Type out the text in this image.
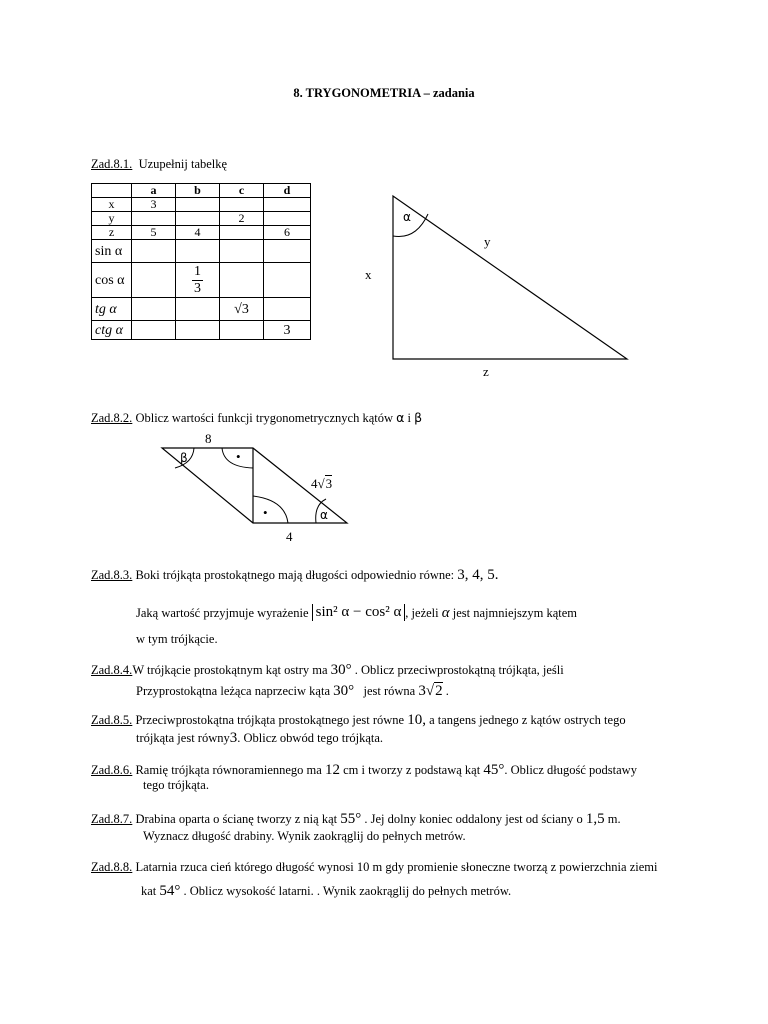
8. TRYGONOMETRIA – zadania
Zad.8.1. Uzupełnij tabelkę
	a	b	c	d
x	3			
y			2	
z	5	4		6
sin α				
cos α		$\frac{1}{3}$

tg α			√3	
ctg α				3
α
y
x
z
Zad.8.2. Oblicz wartości funkcji trygonometrycznych kątów α i β
8
β	•
4√3
•	α
4
Zad.8.3. Boki trójkąta prostokątnego mają długości odpowiednio równe: 3, 4, 5.
Jaką wartość przyjmuje wyrażenie sin² α − cos² α , jeżeli α jest najmniejszym kątem
w tym trójkącie.
Zad.8.4.W trójkącie prostokątnym kąt ostry ma 30° . Oblicz przeciwprostokątną trójkąta, jeśli
Przyprostokątna leżąca naprzeciw kąta 30° jest równa 3√2 .
Zad.8.5. Przeciwprostokątna trójkąta prostokątnego jest równe 10, a tangens jednego z kątów ostrych tego
trójkąta jest równy3. Oblicz obwód tego trójkąta.
Zad.8.6. Ramię trójkąta równoramiennego ma 12 cm i tworzy z podstawą kąt 45°. Oblicz długość podstawy
tego trójkąta.
Zad.8.7. Drabina oparta o ścianę tworzy z nią kąt 55° . Jej dolny koniec oddalony jest od ściany o 1,5 m.
Wyznacz długość drabiny. Wynik zaokrąglij do pełnych metrów.
Zad.8.8. Latarnia rzuca cień którego długość wynosi 10 m gdy promienie słoneczne tworzą z powierzchnia ziemi
kat 54° . Oblicz wysokość latarni. . Wynik zaokrąglij do pełnych metrów.
